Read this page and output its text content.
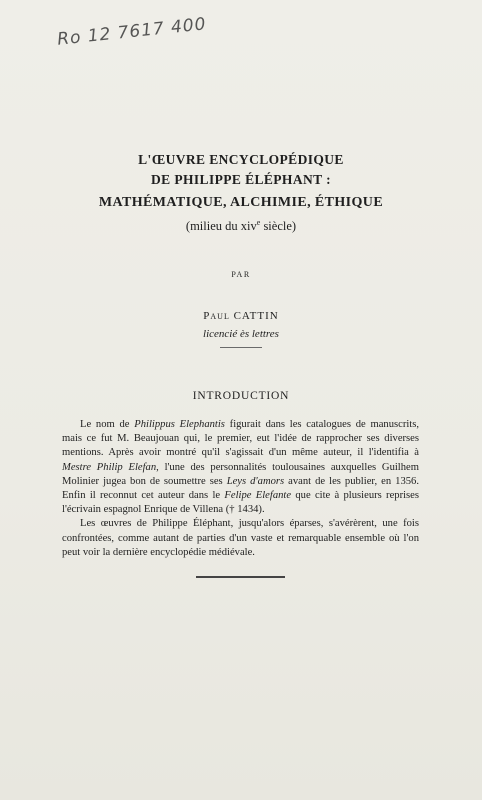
Ro 12 7617 400
L'ŒUVRE ENCYCLOPÉDIQUE
DE PHILIPPE ÉLÉPHANT :
MATHÉMATIQUE, ALCHIMIE, ÉTHIQUE
(milieu du xiv$^e$ siècle)
PAR
Paul CATTIN
licencié ès lettres
INTRODUCTION

Le nom de Philippus Elephantis figurait dans les catalogues de manuscrits, mais ce fut M. Beaujouan qui, le premier, eut l'idée de rapprocher ses diverses mentions. Après avoir montré qu'il s'agissait d'un même auteur, il l'identifia à Mestre Philip Elefan, l'une des personnalités toulousaines auxquelles Guilhem Molinier jugea bon de soumettre ses Leys d'amors avant de les publier, en 1356. Enfin il reconnut cet auteur dans le Felipe Elefante que cite à plusieurs reprises l'écrivain espagnol Enrique de Villena († 1434).

Les œuvres de Philippe Éléphant, jusqu'alors éparses, s'avérèrent, une fois confrontées, comme autant de parties d'un vaste et remarquable ensemble où l'on peut voir la dernière encyclopédie médiévale.
